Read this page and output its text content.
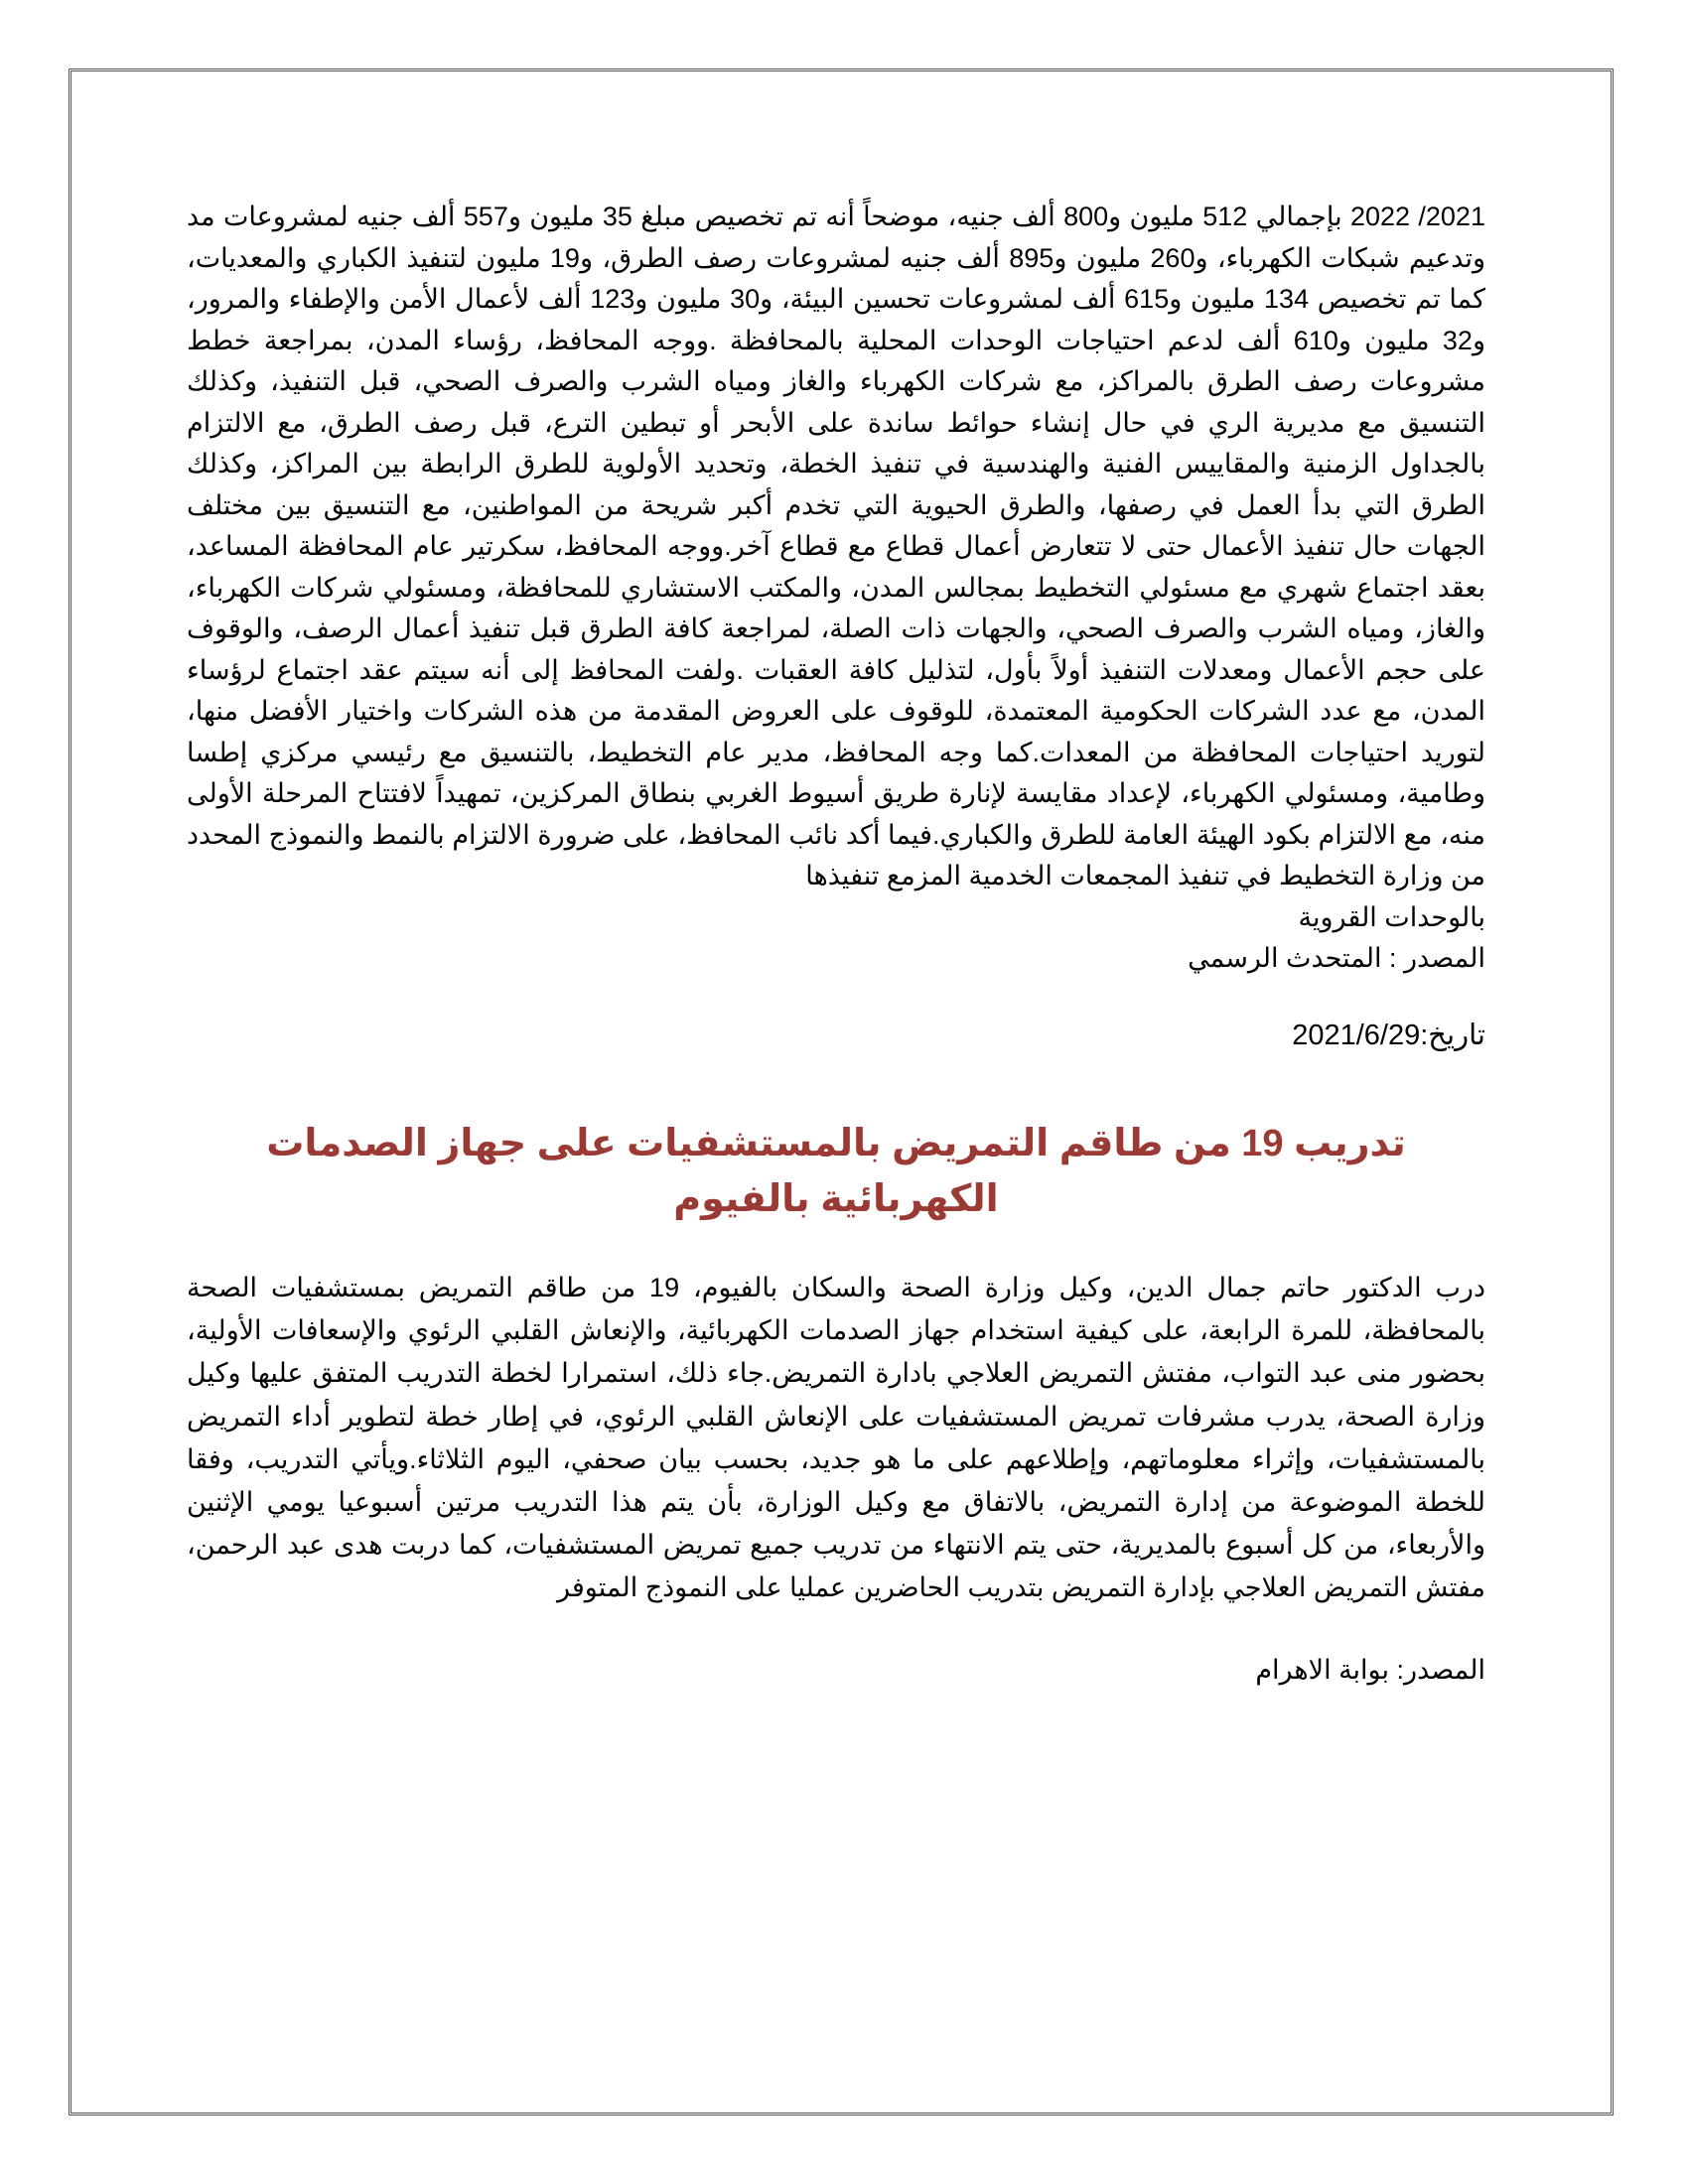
2021/ 2022 بإجمالي 512 مليون و800 ألف جنيه، موضحاً أنه تم تخصيص مبلغ 35 مليون و557 ألف جنيه لمشروعات مد وتدعيم شبكات الكهرباء، و260 مليون و895 ألف جنيه لمشروعات رصف الطرق، و19 مليون لتنفيذ الكباري والمعديات، كما تم تخصيص 134 مليون و615 ألف لمشروعات تحسين البيئة، و30 مليون و123 ألف لأعمال الأمن والإطفاء والمرور، و32 مليون و610 ألف لدعم احتياجات الوحدات المحلية بالمحافظة .ووجه المحافظ، رؤساء المدن، بمراجعة خطط مشروعات رصف الطرق بالمراكز، مع شركات الكهرباء والغاز ومياه الشرب والصرف الصحي، قبل التنفيذ، وكذلك التنسيق مع مديرية الري في حال إنشاء حوائط ساندة على الأبحر أو تبطين الترع، قبل رصف الطرق، مع الالتزام بالجداول الزمنية والمقاييس الفنية والهندسية في تنفيذ الخطة، وتحديد الأولوية للطرق الرابطة بين المراكز، وكذلك الطرق التي بدأ العمل في رصفها، والطرق الحيوية التي تخدم أكبر شريحة من المواطنين، مع التنسيق بين مختلف الجهات حال تنفيذ الأعمال حتى لا تتعارض أعمال قطاع مع قطاع آخر.ووجه المحافظ، سكرتير عام المحافظة المساعد، بعقد اجتماع شهري مع مسئولي التخطيط بمجالس المدن، والمكتب الاستشاري للمحافظة، ومسئولي شركات الكهرباء، والغاز، ومياه الشرب والصرف الصحي، والجهات ذات الصلة، لمراجعة كافة الطرق قبل تنفيذ أعمال الرصف، والوقوف على حجم الأعمال ومعدلات التنفيذ أولاً بأول، لتذليل كافة العقبات .ولفت المحافظ إلى أنه سيتم عقد اجتماع لرؤساء المدن، مع عدد الشركات الحكومية المعتمدة، للوقوف على العروض المقدمة من هذه الشركات واختيار الأفضل منها، لتوريد احتياجات المحافظة من المعدات.كما وجه المحافظ، مدير عام التخطيط، بالتنسيق مع رئيسي مركزي إطسا وطامية، ومسئولي الكهرباء، لإعداد مقايسة لإنارة طريق أسيوط الغربي بنطاق المركزين، تمهيداً لافتتاح المرحلة الأولى منه، مع الالتزام بكود الهيئة العامة للطرق والكباري.فيما أكد نائب المحافظ، على ضرورة الالتزام بالنمط والنموذج المحدد من وزارة التخطيط في تنفيذ المجمعات الخدمية المزمع تنفيذها

بالوحدات القروية

المصدر : المتحدث الرسمي

تاريخ:2021/6/29

تدريب 19 من طاقم التمريض بالمستشفيات على جهاز الصدمات الكهربائية بالفيوم

درب الدكتور حاتم جمال الدين، وكيل وزارة الصحة والسكان بالفيوم، 19 من طاقم التمريض بمستشفيات الصحة بالمحافظة، للمرة الرابعة، على كيفية استخدام جهاز الصدمات الكهربائية، والإنعاش القلبي الرئوي والإسعافات الأولية، بحضور منى عبد التواب، مفتش التمريض العلاجي بادارة التمريض.جاء ذلك، استمرارا لخطة التدريب المتفق عليها وكيل وزارة الصحة، يدرب مشرفات تمريض المستشفيات على الإنعاش القلبي الرئوي، في إطار خطة لتطوير أداء التمريض بالمستشفيات، وإثراء معلوماتهم، وإطلاعهم على ما هو جديد، بحسب بيان صحفي، اليوم الثلاثاء.ويأتي التدريب، وفقا للخطة الموضوعة من إدارة التمريض، بالاتفاق مع وكيل الوزارة، بأن يتم هذا التدريب مرتين أسبوعيا يومي الإثنين والأربعاء، من كل أسبوع بالمديرية، حتى يتم الانتهاء من تدريب جميع تمريض المستشفيات، كما دربت هدى عبد الرحمن، مفتش التمريض العلاجي بإدارة التمريض بتدريب الحاضرين عمليا على النموذج المتوفر

المصدر: بوابة الاهرام
